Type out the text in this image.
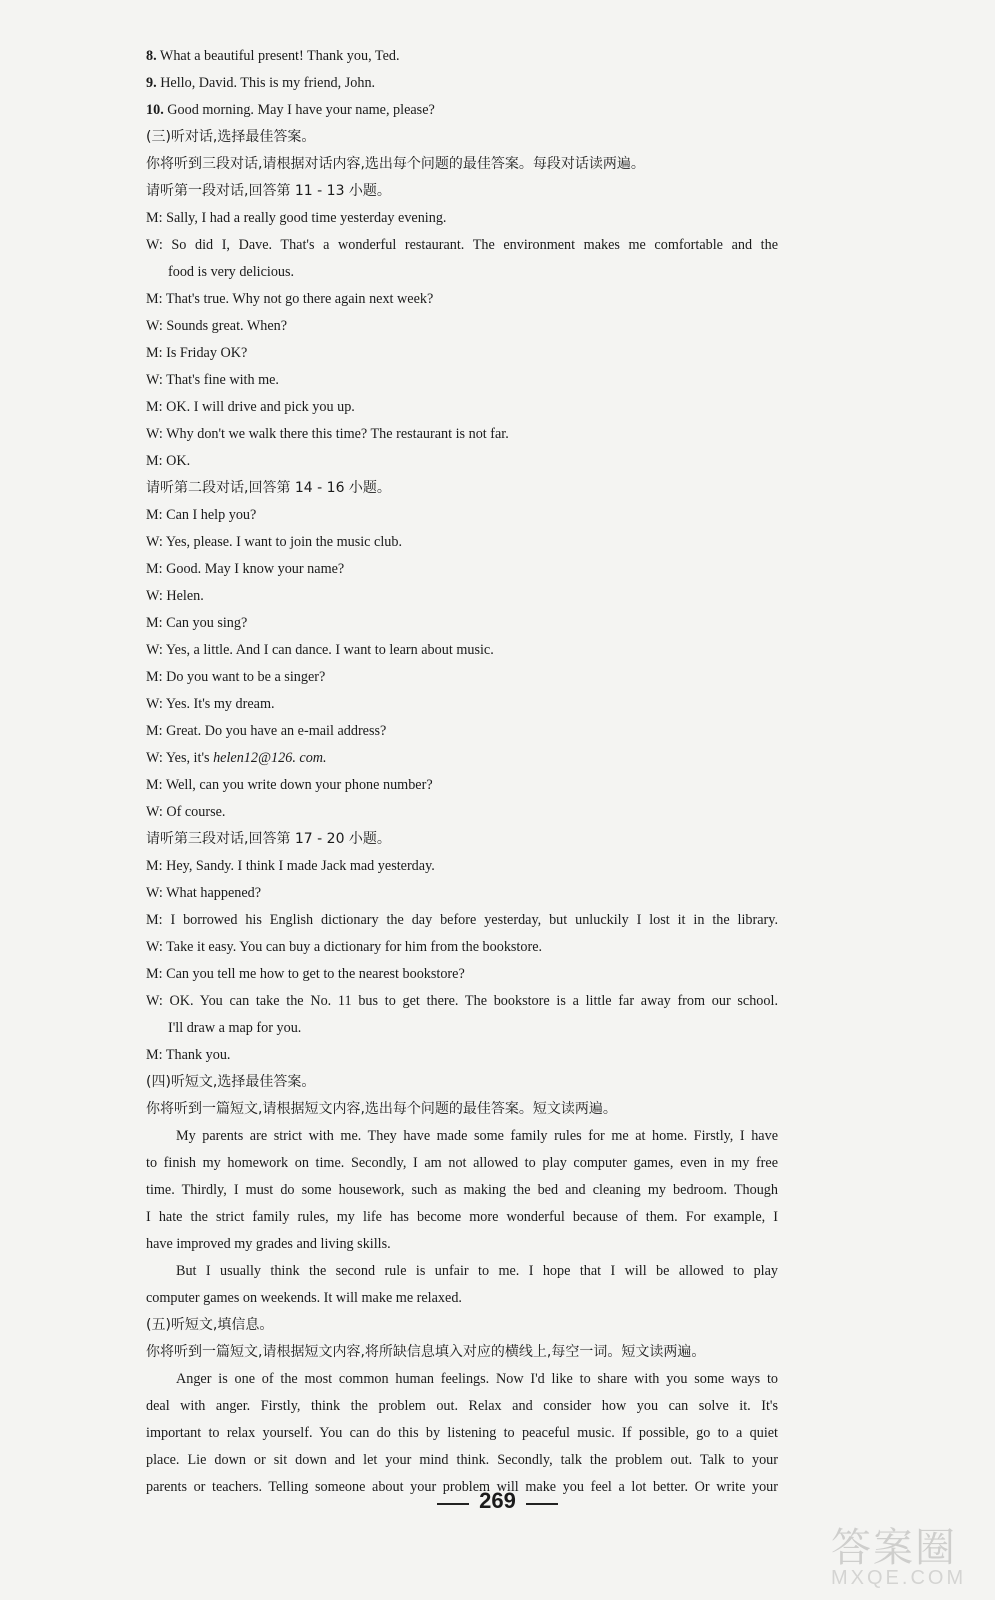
8. What a beautiful present! Thank you, Ted.
9. Hello, David. This is my friend, John.
10. Good morning. May I have your name, please?
(三)听对话,选择最佳答案。
你将听到三段对话,请根据对话内容,选出每个问题的最佳答案。每段对话读两遍。
请听第一段对话,回答第 11 - 13 小题。
M: Sally, I had a really good time yesterday evening.
W: So did I, Dave. That's a wonderful restaurant. The environment makes me comfortable and the
food is very delicious.
M: That's true. Why not go there again next week?
W: Sounds great. When?
M: Is Friday OK?
W: That's fine with me.
M: OK. I will drive and pick you up.
W: Why don't we walk there this time? The restaurant is not far.
M: OK.
请听第二段对话,回答第 14 - 16 小题。
M: Can I help you?
W: Yes, please. I want to join the music club.
M: Good. May I know your name?
W: Helen.
M: Can you sing?
W: Yes, a little. And I can dance. I want to learn about music.
M: Do you want to be a singer?
W: Yes. It's my dream.
M: Great. Do you have an e-mail address?
W: Yes, it's helen12@126. com.
M: Well, can you write down your phone number?
W: Of course.
请听第三段对话,回答第 17 - 20 小题。
M: Hey, Sandy. I think I made Jack mad yesterday.
W: What happened?
M: I borrowed his English dictionary the day before yesterday, but unluckily I lost it in the library.
W: Take it easy. You can buy a dictionary for him from the bookstore.
M: Can you tell me how to get to the nearest bookstore?
W: OK. You can take the No. 11 bus to get there. The bookstore is a little far away from our school.
I'll draw a map for you.
M: Thank you.
(四)听短文,选择最佳答案。
你将听到一篇短文,请根据短文内容,选出每个问题的最佳答案。短文读两遍。
My parents are strict with me. They have made some family rules for me at home. Firstly, I have
to finish my homework on time. Secondly, I am not allowed to play computer games, even in my free
time. Thirdly, I must do some housework, such as making the bed and cleaning my bedroom. Though
I hate the strict family rules, my life has become more wonderful because of them. For example, I
have improved my grades and living skills.
But I usually think the second rule is unfair to me. I hope that I will be allowed to play
computer games on weekends. It will make me relaxed.
(五)听短文,填信息。
你将听到一篇短文,请根据短文内容,将所缺信息填入对应的横线上,每空一词。短文读两遍。
Anger is one of the most common human feelings. Now I'd like to share with you some ways to
deal with anger. Firstly, think the problem out. Relax and consider how you can solve it. It's
important to relax yourself. You can do this by listening to peaceful music. If possible, go to a quiet
place. Lie down or sit down and let your mind think. Secondly, talk the problem out. Talk to your
parents or teachers. Telling someone about your problem will make you feel a lot better. Or write your
269
答案圈
MXQE.COM
